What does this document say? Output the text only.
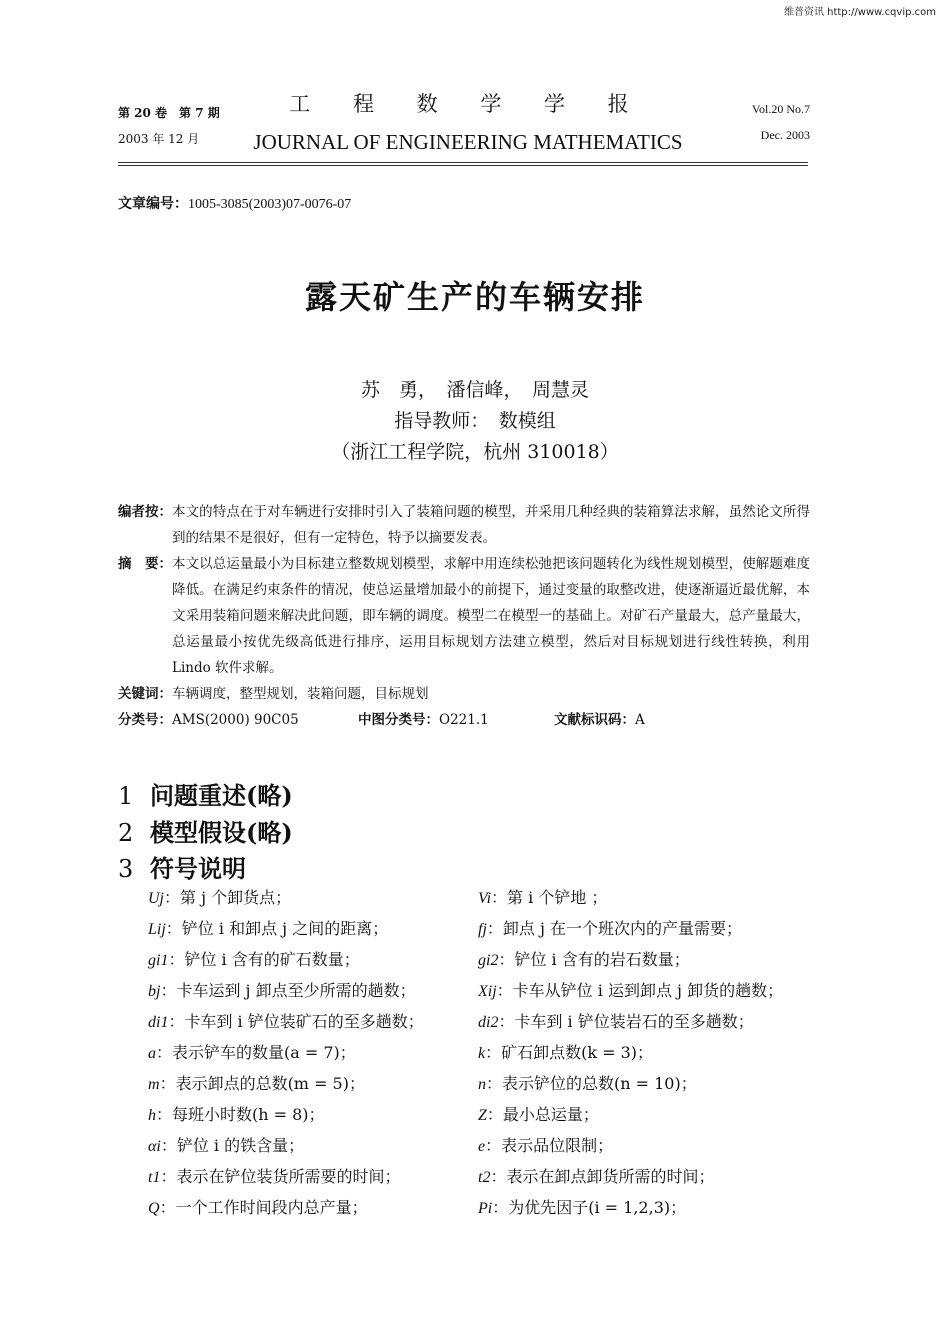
维普资讯 http://www.cqvip.com
第 20 卷　第 7 期
2003 年 12 月
工 程 数 学 学 报
JOURNAL OF ENGINEERING MATHEMATICS
Vol.20 No.7
Dec. 2003
文章编号：1005-3085(2003)07-0076-07
露天矿生产的车辆安排
苏　勇，　潘信峰，　周慧灵
指导教师：　数模组
（浙江工程学院，杭州 310018）
编者按： 本文的特点在于对车辆进行安排时引入了装箱问题的模型，并采用几种经典的装箱算法求解，虽然论文所得到的结果不是很好，但有一定特色，特予以摘要发表。
摘　要： 本文以总运量最小为目标建立整数规划模型，求解中用连续松弛把该问题转化为线性规划模型，使解题难度降低。在满足约束条件的情况，使总运量增加最小的前提下，通过变量的取整改进，使逐渐逼近最优解，本文采用装箱问题来解决此问题，即车辆的调度。模型二在模型一的基础上。对矿石产量最大，总产量最大，总运量最小按优先级高低进行排序，运用目标规划方法建立模型，然后对目标规划进行线性转换，利用 Lindo 软件求解。
关键词：车辆调度，整型规划，装箱问题，目标规划
分类号：AMS(2000) 90C05	中图分类号：O221.1	文献标识码：A
1 问题重述(略)
2 模型假设(略)
3 符号说明
Uj：第 j 个卸货点；
Lij：铲位 i 和卸点 j 之间的距离；
gi1：铲位 i 含有的矿石数量；
bj：卡车运到 j 卸点至少所需的趟数；
di1：卡车到 i 铲位装矿石的至多趟数；
a：表示铲车的数量(a = 7)；
m：表示卸点的总数(m = 5)；
h：每班小时数(h = 8)；
αi：铲位 i 的铁含量；
t1：表示在铲位装货所需要的时间；
Q：一个工作时间段内总产量；
Vi：第 i 个铲地 ；
fj：卸点 j 在一个班次内的产量需要；
gi2：铲位 i 含有的岩石数量；
Xij：卡车从铲位 i 运到卸点 j 卸货的趟数；
di2：卡车到 i 铲位装岩石的至多趟数；
k：矿石卸点数(k = 3)；
n：表示铲位的总数(n = 10)；
Z：最小总运量；
e：表示品位限制；
t2：表示在卸点卸货所需的时间；
Pi：为优先因子(i = 1,2,3)；
